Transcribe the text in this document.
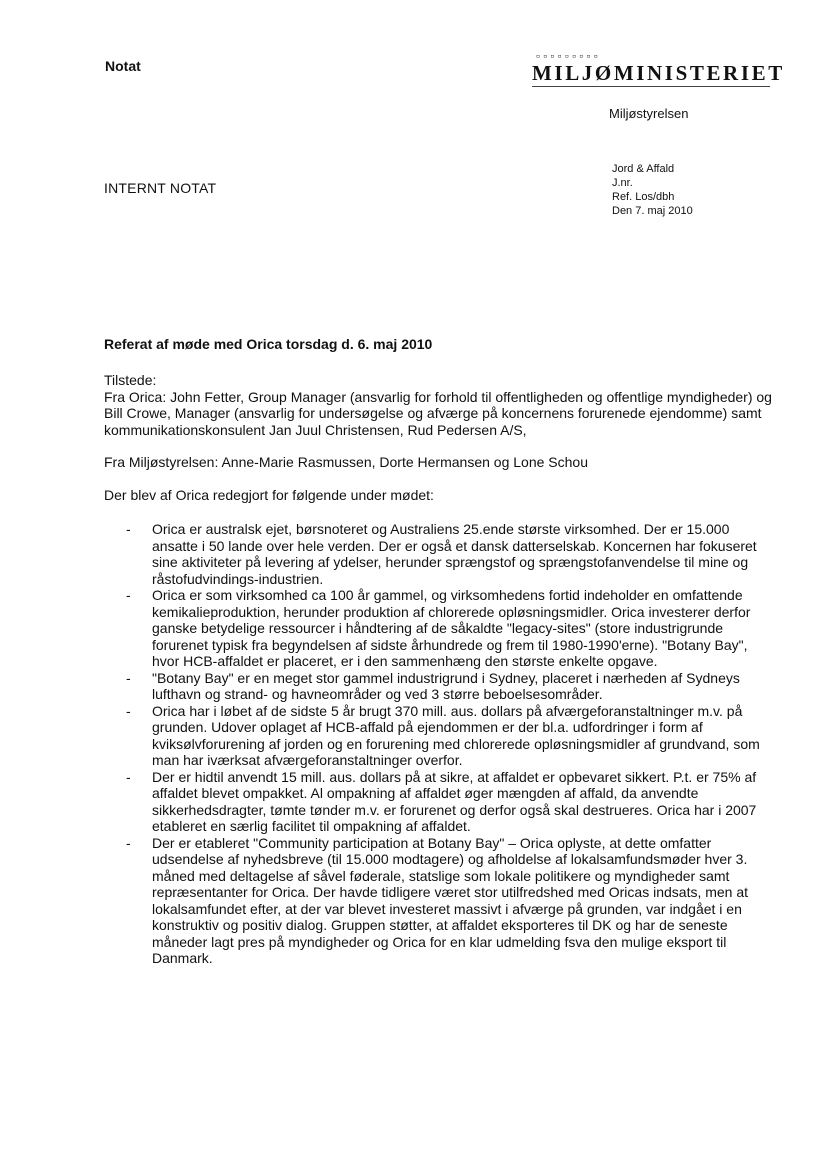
Notat
▫▫▫▫▫▫▫▫▫
MILJØMINISTERIET
Miljøstyrelsen
Jord & Affald
J.nr.
Ref. Los/dbh
Den 7. maj 2010
INTERNT NOTAT
Referat af møde med Orica torsdag d. 6. maj 2010

Tilstede:

Fra Orica: John Fetter, Group Manager (ansvarlig for forhold til offentligheden og offentlige myndigheder) og Bill Crowe, Manager (ansvarlig for undersøgelse og afværge på koncernens forurenede ejendomme) samt kommunikationskonsulent Jan Juul Christensen, Rud Pedersen A/S,

Fra Miljøstyrelsen: Anne-Marie Rasmussen, Dorte Hermansen og Lone Schou

Der blev af Orica redegjort for følgende under mødet:

- Orica er australsk ejet, børsnoteret og Australiens 25.ende største virksomhed. Der er 15.000 ansatte i 50 lande over hele verden. Der er også et dansk datterselskab. Koncernen har fokuseret sine aktiviteter på levering af ydelser, herunder sprængstof og sprængstofanvendelse til mine og råstofudvindings-industrien.
- Orica er som virksomhed ca 100 år gammel, og virksomhedens fortid indeholder en omfattende kemikalieproduktion, herunder produktion af chlorerede opløsningsmidler. Orica investerer derfor ganske betydelige ressourcer i håndtering af de såkaldte "legacy-sites" (store industrigrunde forurenet typisk fra begyndelsen af sidste århundrede og frem til 1980-1990'erne). "Botany Bay", hvor HCB-affaldet er placeret, er i den sammenhæng den største enkelte opgave.
- "Botany Bay" er en meget stor gammel industrigrund i Sydney, placeret i nærheden af Sydneys lufthavn og strand- og havneområder og ved 3 større beboelsesområder.
- Orica har i løbet af de sidste 5 år brugt 370 mill. aus. dollars på afværgeforanstaltninger m.v. på grunden. Udover oplaget af HCB-affald på ejendommen er der bl.a. udfordringer i form af kviksølvforurening af jorden og en forurening med chlorerede opløsningsmidler af grundvand, som man har iværksat afværgeforanstaltninger overfor.
- Der er hidtil anvendt 15 mill. aus. dollars på at sikre, at affaldet er opbevaret sikkert. P.t. er 75% af affaldet blevet ompakket. Al ompakning af affaldet øger mængden af affald, da anvendte sikkerhedsdragter, tømte tønder m.v. er forurenet og derfor også skal destrueres. Orica har i 2007 etableret en særlig facilitet til ompakning af affaldet.
- Der er etableret "Community participation at Botany Bay" – Orica oplyste, at dette omfatter udsendelse af nyhedsbreve (til 15.000 modtagere) og afholdelse af lokalsamfundsmøder hver 3. måned med deltagelse af såvel føderale, statslige som lokale politikere og myndigheder samt repræsentanter for Orica. Der havde tidligere været stor utilfredshed med Oricas indsats, men at lokalsamfundet efter, at der var blevet investeret massivt i afværge på grunden, var indgået i en konstruktiv og positiv dialog. Gruppen støtter, at affaldet eksporteres til DK og har de seneste måneder lagt pres på myndigheder og Orica for en klar udmelding fsva den mulige eksport til Danmark.
